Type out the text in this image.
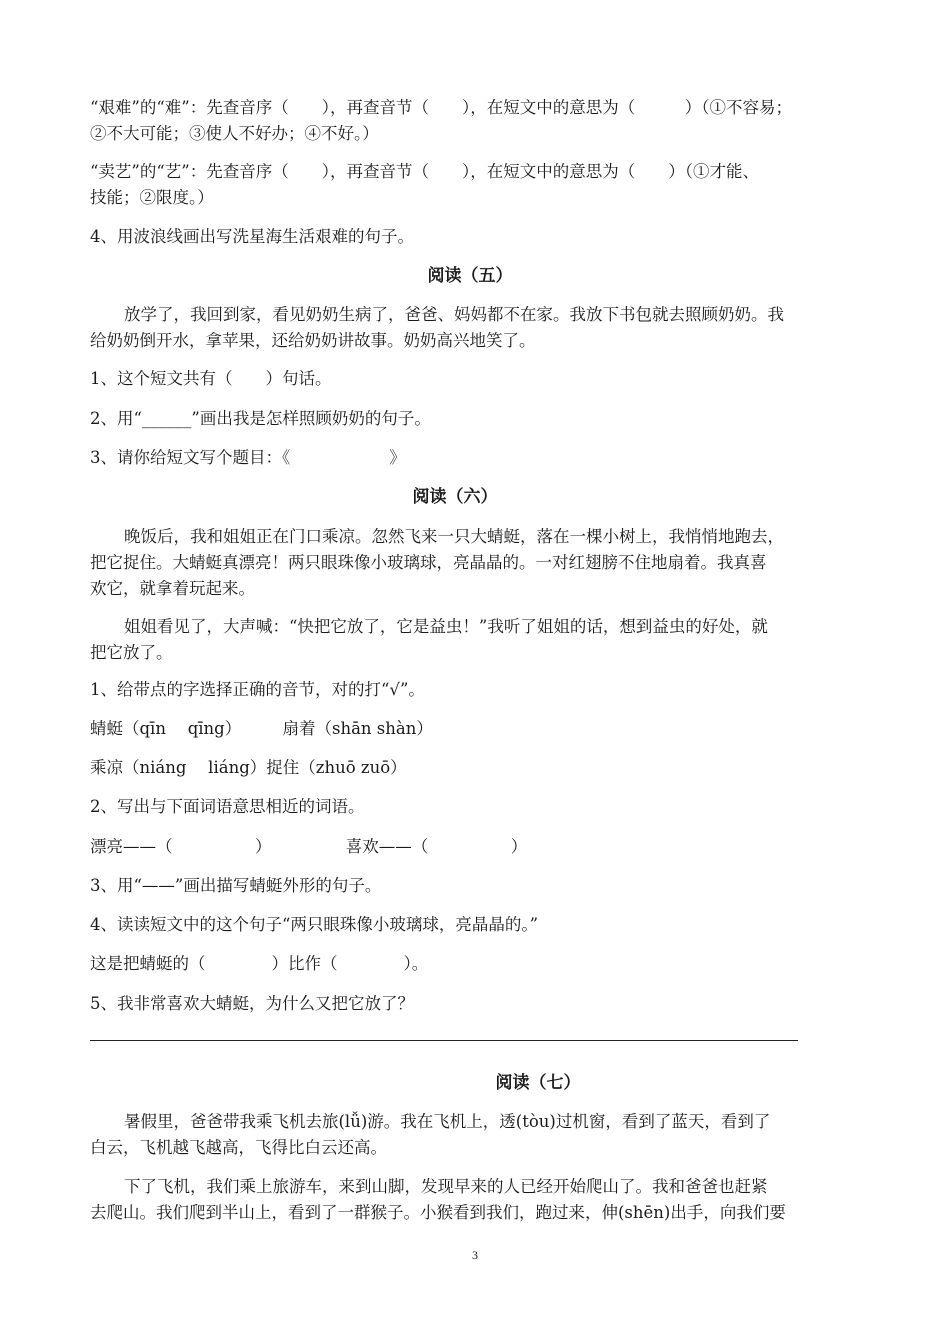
“艰难”的“难”：先查音序（　　），再查音节（　　），在短文中的意思为（　　　）（①不容易；

②不大可能；③使人不好办；④不好。）

“卖艺”的“艺”：先查音序（　　），再查音节（　　），在短文中的意思为（　　）（①才能、

技能；②限度。）

4、用波浪线画出写洗星海生活艰难的句子。

阅读（五）

放学了，我回到家，看见奶奶生病了，爸爸、妈妈都不在家。我放下书包就去照顾奶奶。我

给奶奶倒开水，拿苹果，还给奶奶讲故事。奶奶高兴地笑了。

1、这个短文共有（　　）句话。

2、用“______”画出我是怎样照顾奶奶的句子。

3、请你给短文写个题目：《　　　　　　》

阅读（六）

晚饭后，我和姐姐正在门口乘凉。忽然飞来一只大蜻蜓，落在一棵小树上，我悄悄地跑去，

把它捉住。大蜻蜓真漂亮！两只眼珠像小玻璃球，亮晶晶的。一对红翅膀不住地扇着。我真喜

欢它，就拿着玩起来。

姐姐看见了，大声喊：“快把它放了，它是益虫！”我听了姐姐的话，想到益虫的好处，就

把它放了。

1、给带点的字选择正确的音节，对的打“√”。

蜻蜓（qīn　 qīng）　　　扇着（shān shàn）

乘凉（niáng　 liáng）捉住（zhuō zuō）

2、写出与下面词语意思相近的词语。

漂亮——（　　　　　）　　　　　喜欢——（　　　　　）

3、用“——”画出描写蜻蜓外形的句子。

4、读读短文中的这个句子“两只眼珠像小玻璃球，亮晶晶的。”

这是把蜻蜓的（　　　　）比作（　　　　）。

5、我非常喜欢大蜻蜓，为什么又把它放了？

阅读（七）

暑假里，爸爸带我乘飞机去旅(lǚ)游。我在飞机上，透(tòu)过机窗，看到了蓝天，看到了

白云，飞机越飞越高，飞得比白云还高。

下了飞机，我们乘上旅游车，来到山脚，发现早来的人已经开始爬山了。我和爸爸也赶紧

去爬山。我们爬到半山上，看到了一群猴子。小猴看到我们，跑过来，伸(shēn)出手，向我们要

3
